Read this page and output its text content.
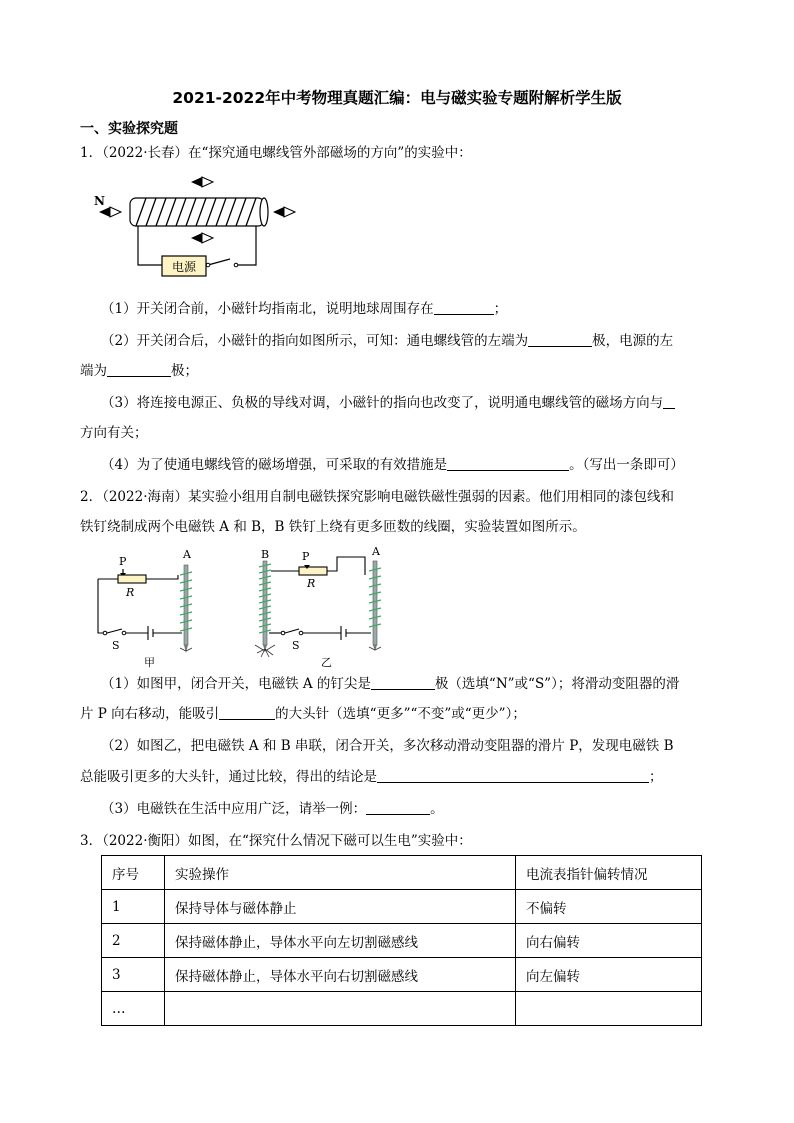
2021-2022年中考物理真题汇编：电与磁实验专题附解析学生版
一、实验探究题
1．（2022·长春）在“探究通电螺线管外部磁场的方向”的实验中：
N
电源
（1）开关闭合前，小磁针均指南北，说明地球周围存在	；
（2）开关闭合后，小磁针的指向如图所示，可知：通电螺线管的左端为	极，电源的左
端为	极；
（3）将连接电源正、负极的导线对调，小磁针的指向也改变了，说明通电螺线管的磁场方向与
方向有关；
（4）为了使通电螺线管的磁场增强，可采取的有效措施是	。（写出一条即可）
2．（2022·海南）某实验小组用自制电磁铁探究影响电磁铁磁性强弱的因素。他们用相同的漆包线和
铁钉绕制成两个电磁铁 A 和 B，B 铁钉上绕有更多匝数的线圈，实验装置如图所示。
A
P
R
S
甲
B	A
P
R
S
乙
（1）如图甲，闭合开关，电磁铁 A 的钉尖是	极（选填“N”或“S”）；将滑动变阻器的滑
片 P 向右移动，能吸引	的大头针（选填“更多”“不变”或“更少”）；
（2）如图乙，把电磁铁 A 和 B 串联，闭合开关，多次移动滑动变阻器的滑片 P，发现电磁铁 B
总能吸引更多的大头针，通过比较，得出的结论是	；
（3）电磁铁在生活中应用广泛，请举一例：	。
3．（2022·衡阳）如图，在“探究什么情况下磁可以生电”实验中：
序号	实验操作	电流表指针偏转情况
1	保持导体与磁体静止	不偏转
2	保持磁体静止，导体水平向左切割磁感线	向右偏转
3	保持磁体静止，导体水平向右切割磁感线	向左偏转
…		
